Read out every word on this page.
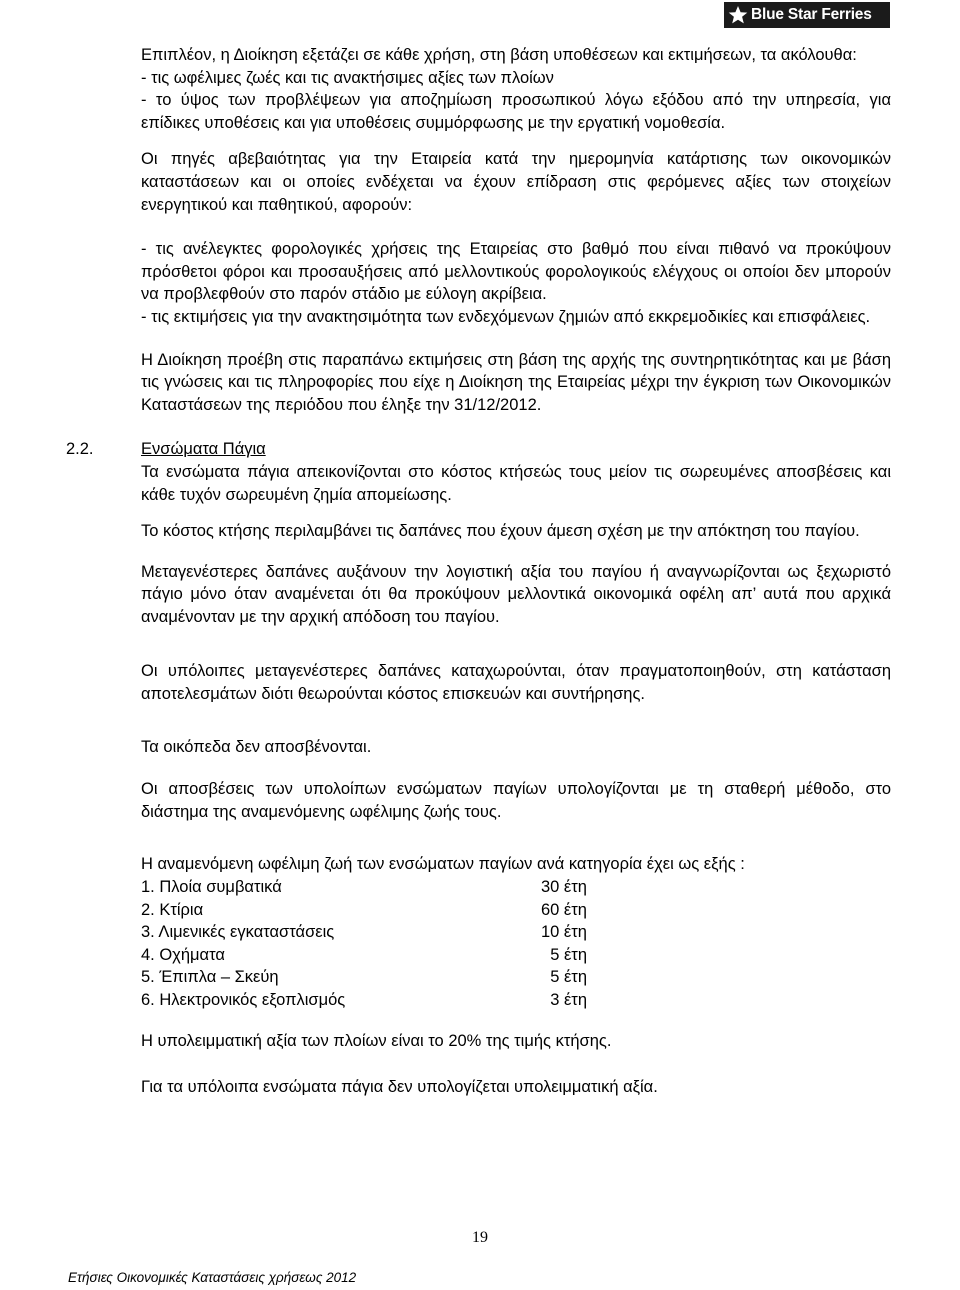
Blue Star Ferries
Επιπλέον, η Διοίκηση εξετάζει σε κάθε χρήση, στη βάση υποθέσεων και εκτιμήσεων, τα ακόλουθα:
- τις ωφέλιμες ζωές και τις ανακτήσιμες αξίες των πλοίων
- το ύψος των προβλέψεων για αποζημίωση προσωπικού λόγω εξόδου από την υπηρεσία, για επίδικες υποθέσεις και για υποθέσεις συμμόρφωσης με την εργατική νομοθεσία.

Οι πηγές αβεβαιότητας για την Εταιρεία κατά την ημερομηνία κατάρτισης των οικονομικών καταστάσεων και οι οποίες ενδέχεται να έχουν επίδραση στις φερόμενες αξίες των στοιχείων ενεργητικού και παθητικού, αφορούν:

- τις ανέλεγκτες φορολογικές χρήσεις της Εταιρείας στο βαθμό που είναι πιθανό να προκύψουν πρόσθετοι φόροι και προσαυξήσεις από μελλοντικούς φορολογικούς ελέγχους οι οποίοι δεν μπορούν να προβλεφθούν στο παρόν στάδιο με εύλογη ακρίβεια.
- τις εκτιμήσεις για την ανακτησιμότητα των ενδεχόμενων ζημιών από εκκρεμοδικίες και επισφάλειες.

Η Διοίκηση προέβη στις παραπάνω εκτιμήσεις στη βάση της αρχής της συντηρητικότητας και με βάση τις γνώσεις και τις πληροφορίες που είχε η Διοίκηση της Εταιρείας μέχρι την έγκριση των Οικονομικών Καταστάσεων της περιόδου που έληξε την 31/12/2012.

2.2.	Ενσώματα Πάγια

Τα ενσώματα πάγια απεικονίζονται στο κόστος κτήσεώς τους μείον τις σωρευμένες αποσβέσεις και κάθε τυχόν σωρευμένη ζημία απομείωσης.

Το κόστος κτήσης περιλαμβάνει τις δαπάνες που έχουν άμεση σχέση με την απόκτηση του παγίου.

Μεταγενέστερες δαπάνες αυξάνουν την λογιστική αξία του παγίου ή αναγνωρίζονται ως ξεχωριστό πάγιο μόνο όταν αναμένεται ότι θα προκύψουν μελλοντικά οικονομικά οφέλη απ’ αυτά που αρχικά αναμένονταν με την αρχική απόδοση του παγίου.

Οι υπόλοιπες μεταγενέστερες δαπάνες καταχωρούνται, όταν πραγματοποιηθούν, στη κατάσταση αποτελεσμάτων διότι θεωρούνται κόστος επισκευών και συντήρησης.

Τα οικόπεδα δεν αποσβένονται.

Οι αποσβέσεις των υπολοίπων ενσώματων παγίων υπολογίζονται με τη σταθερή μέθοδο, στο διάστημα της αναμενόμενης ωφέλιμης ζωής τους.

Η αναμενόμενη ωφέλιμη ζωή των ενσώματων παγίων ανά κατηγορία έχει ως εξής :

1. Πλοία συμβατικά	30 έτη
2. Κτίρια	60 έτη
3. Λιμενικές εγκαταστάσεις	10 έτη
4. Οχήματα	5 έτη
5. Έπιπλα – Σκεύη	5 έτη
6. Ηλεκτρονικός εξοπλισμός	3 έτη

Η υπολειμματική αξία των πλοίων είναι το 20% της τιμής κτήσης.

Για τα υπόλοιπα ενσώματα πάγια δεν υπολογίζεται υπολειμματική αξία.

19
Ετήσιες Οικονομικές Καταστάσεις χρήσεως 2012
